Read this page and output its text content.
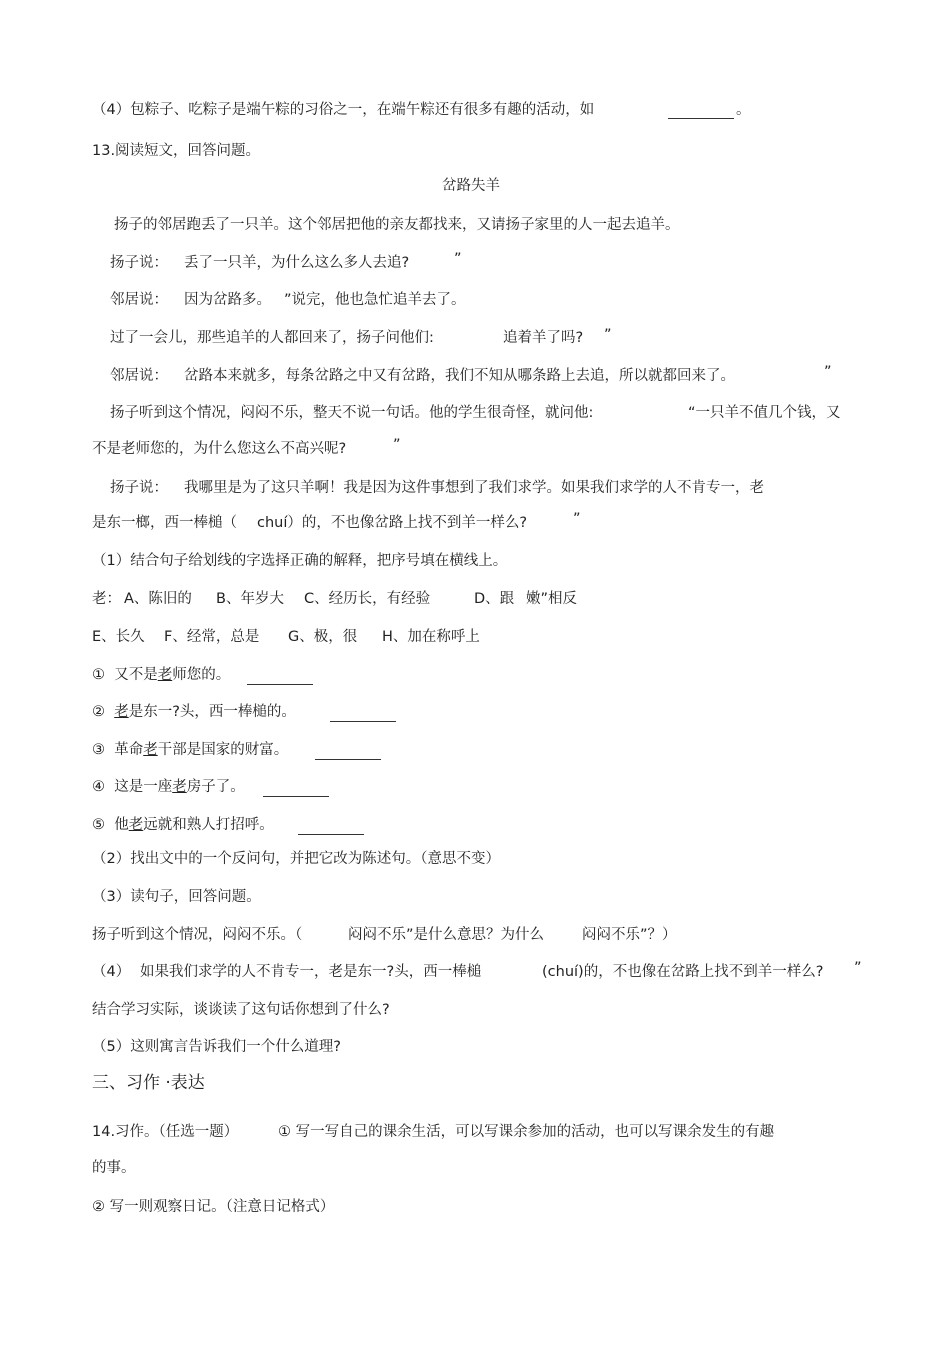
（4）包粽子、吃粽子是端午粽的习俗之一，在端午粽还有很多有趣的活动，如	。
13.阅读短文，回答问题。
岔路失羊
扬子的邻居跑丢了一只羊。这个邻居把他的亲友都找来，又请扬子家里的人一起去追羊。
扬子说： 丢了一只羊，为什么这么多人去追?	”
邻居说： 因为岔路多。 ”说完，他也急忙追羊去了。
过了一会儿，那些追羊的人都回来了，扬子问他们:	追着羊了吗? ”
邻居说： 岔路本来就多，每条岔路之中又有岔路，我们不知从哪条路上去追，所以就都回来了。	”
扬子听到这个情况，闷闷不乐，整天不说一句话。他的学生很奇怪，就问他:	“一只羊不值几个钱，又
不是老师您的，为什么您这么不高兴呢?	”
扬子说： 我哪里是为了这只羊啊！我是因为这件事想到了我们求学。如果我们求学的人不肯专一，老
是东一榔，西一棒槌（ chuí）的，不也像岔路上找不到羊一样么?	”
（1）结合句子给划线的字选择正确的解释，把序号填在横线上。
老： A、陈旧的 B、年岁大 C、经历长，有经验	D、跟 嫩”相反
E、长久 F、经常，总是 G、极，很 H、加在称呼上
① 又不是老师您的。
② 老是东一?头，西一棒槌的。
③ 革命老干部是国家的财富。
④ 这是一座老房子了。
⑤ 他老远就和熟人打招呼。
（2）找出文中的一个反问句，并把它改为陈述句。（意思不变）
（3）读句子，回答问题。
扬子听到这个情况，闷闷不乐。（	闷闷不乐”是什么意思？为什么	闷闷不乐”？）
（4） 如果我们求学的人不肯专一，老是东一?头，西一棒槌	(chuí)的，不也像在岔路上找不到羊一样么? ”
结合学习实际，谈谈读了这句话你想到了什么?
（5）这则寓言告诉我们一个什么道理?
三、习作 ·表达
14.习作。（任选一题）	① 写一写自己的课余生活，可以写课余参加的活动，也可以写课余发生的有趣
的事。
② 写一则观察日记。（注意日记格式）
